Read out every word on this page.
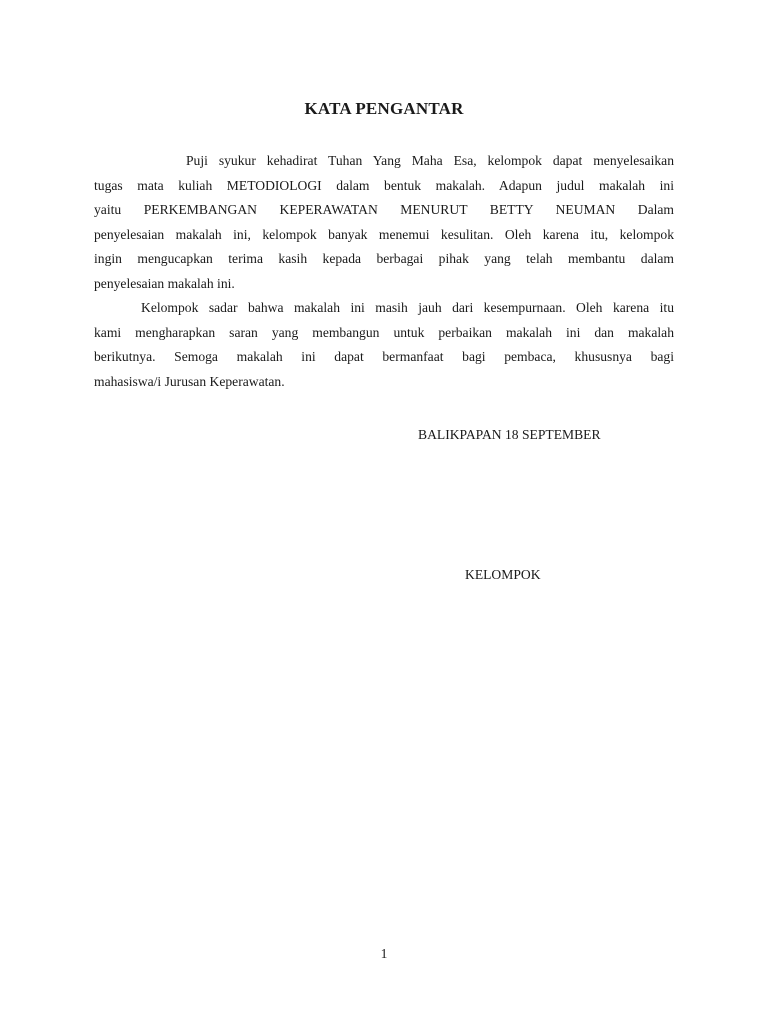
KATA PENGANTAR
Puji syukur kehadirat Tuhan Yang Maha Esa, kelompok dapat menyelesaikan
tugas mata kuliah METODIOLOGI dalam bentuk makalah. Adapun judul makalah ini
yaitu PERKEMBANGAN KEPERAWATAN MENURUT BETTY NEUMAN Dalam
penyelesaian makalah ini, kelompok banyak menemui kesulitan. Oleh karena itu, kelompok
ingin mengucapkan terima kasih kepada berbagai pihak yang telah membantu dalam
penyelesaian makalah ini.
Kelompok sadar bahwa makalah ini masih jauh dari kesempurnaan. Oleh karena itu
kami mengharapkan saran yang membangun untuk perbaikan makalah ini dan makalah
berikutnya. Semoga makalah ini dapat bermanfaat bagi pembaca, khususnya bagi
mahasiswa/i Jurusan Keperawatan.
BALIKPAPAN 18 SEPTEMBER
KELOMPOK
1
